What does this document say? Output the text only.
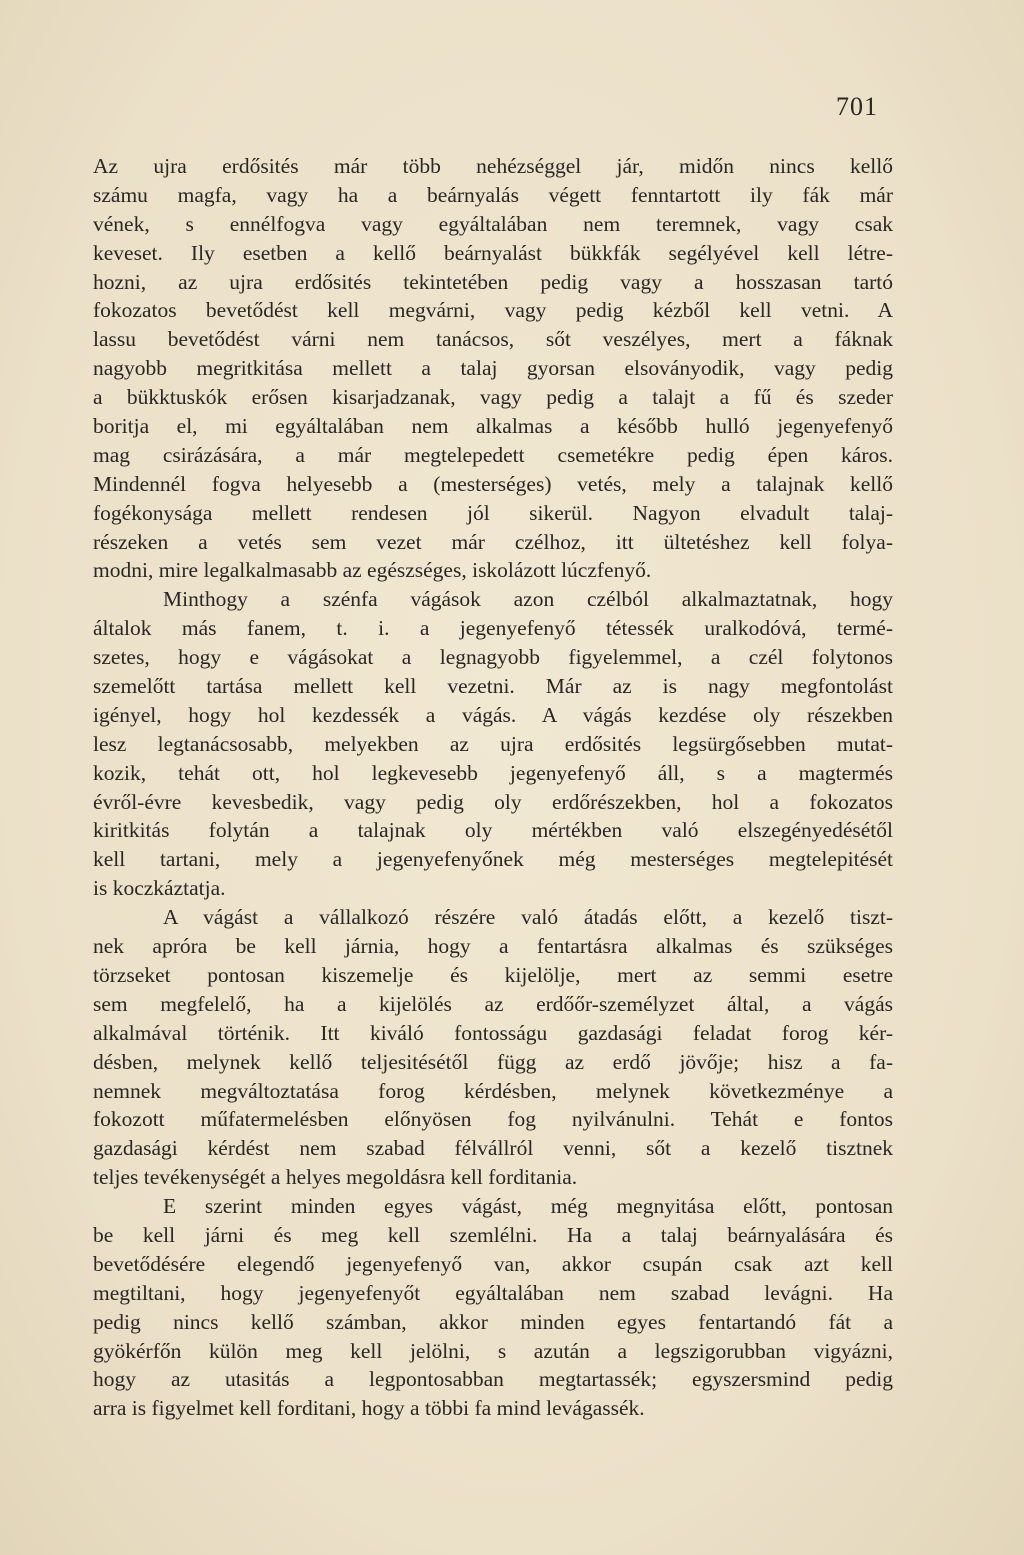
701
Az ujra erdősités már több nehézséggel jár, midőn nincs kellő
számu magfa, vagy ha a beárnyalás végett fenntartott ily fák már
vének, s ennélfogva vagy egyáltalában nem teremnek, vagy csak
keveset. Ily esetben a kellő beárnyalást bükkfák segélyével kell létre-
hozni, az ujra erdősités tekintetében pedig vagy a hosszasan tartó
fokozatos bevetődést kell megvárni, vagy pedig kézből kell vetni. A
lassu bevetődést várni nem tanácsos, sőt veszélyes, mert a fáknak
nagyobb megritkitása mellett a talaj gyorsan elsoványodik, vagy pedig
a bükktuskók erősen kisarjadzanak, vagy pedig a talajt a fű és szeder
boritja el, mi egyáltalában nem alkalmas a később hulló jegenyefenyő
mag csirázására, a már megtelepedett csemetékre pedig épen káros.
Mindennél fogva helyesebb a (mesterséges) vetés, mely a talajnak kellő
fogékonysága mellett rendesen jól sikerül. Nagyon elvadult talaj-
részeken a vetés sem vezet már czélhoz, itt ültetéshez kell folya-
modni, mire legalkalmasabb az egészséges, iskolázott lúczfenyő.
Minthogy a szénfa vágások azon czélból alkalmaztatnak, hogy
általok más fanem, t. i. a jegenyefenyő tétessék uralkodóvá, termé-
szetes, hogy e vágásokat a legnagyobb figyelemmel, a czél folytonos
szemelőtt tartása mellett kell vezetni. Már az is nagy megfontolást
igényel, hogy hol kezdessék a vágás. A vágás kezdése oly részekben
lesz legtanácsosabb, melyekben az ujra erdősités legsürgősebben mutat-
kozik, tehát ott, hol legkevesebb jegenyefenyő áll, s a magtermés
évről-évre kevesbedik, vagy pedig oly erdőrészekben, hol a fokozatos
kiritkitás folytán a talajnak oly mértékben való elszegényedésétől
kell tartani, mely a jegenyefenyőnek még mesterséges megtelepitését
is koczkáztatja.
A vágást a vállalkozó részére való átadás előtt, a kezelő tiszt-
nek apróra be kell járnia, hogy a fentartásra alkalmas és szükséges
törzseket pontosan kiszemelje és kijelölje, mert az semmi esetre
sem megfelelő, ha a kijelölés az erdőőr-személyzet által, a vágás
alkalmával történik. Itt kiváló fontosságu gazdasági feladat forog kér-
désben, melynek kellő teljesitésétől függ az erdő jövője; hisz a fa-
nemnek megváltoztatása forog kérdésben, melynek következménye a
fokozott műfatermelésben előnyösen fog nyilvánulni. Tehát e fontos
gazdasági kérdést nem szabad félvállról venni, sőt a kezelő tisztnek
teljes tevékenységét a helyes megoldásra kell forditania.
E szerint minden egyes vágást, még megnyitása előtt, pontosan
be kell járni és meg kell szemlélni. Ha a talaj beárnyalására és
bevetődésére elegendő jegenyefenyő van, akkor csupán csak azt kell
megtiltani, hogy jegenyefenyőt egyáltalában nem szabad levágni. Ha
pedig nincs kellő számban, akkor minden egyes fentartandó fát a
gyökérfőn külön meg kell jelölni, s azután a legszigorubban vigyázni,
hogy az utasitás a legpontosabban megtartassék; egyszersmind pedig
arra is figyelmet kell forditani, hogy a többi fa mind levágassék.
